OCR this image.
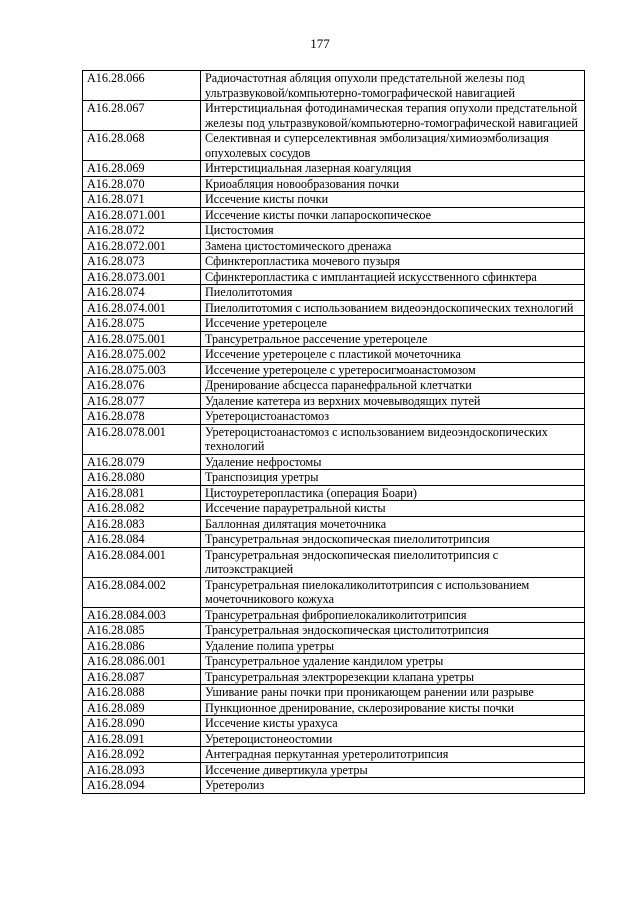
177
A16.28.066	Радиочастотная абляция опухоли предстательной железы под ультразвуковой/компьютерно-томографической навигацией
A16.28.067	Интерстициальная фотодинамическая терапия опухоли предстательной железы под ультразвуковой/компьютерно-томографической навигацией
A16.28.068	Селективная и суперселективная эмболизация/химиоэмболизация опухолевых сосудов
A16.28.069	Интерстициальная лазерная коагуляция
A16.28.070	Криоабляция новообразования почки
A16.28.071	Иссечение кисты почки
A16.28.071.001	Иссечение кисты почки лапароскопическое
A16.28.072	Цистостомия
A16.28.072.001	Замена цистостомического дренажа
A16.28.073	Сфинктеропластика мочевого пузыря
A16.28.073.001	Сфинктеропластика с имплантацией искусственного сфинктера
A16.28.074	Пиелолитотомия
A16.28.074.001	Пиелолитотомия с использованием видеоэндоскопических технологий
A16.28.075	Иссечение уретероцеле
A16.28.075.001	Трансуретральное рассечение уретероцеле
A16.28.075.002	Иссечение уретероцеле с пластикой мочеточника
A16.28.075.003	Иссечение уретероцеле с уретеросигмоанастомозом
A16.28.076	Дренирование абсцесса паранефральной клетчатки
A16.28.077	Удаление катетера из верхних мочевыводящих путей
A16.28.078	Уретероцистоанастомоз
A16.28.078.001	Уретероцистоанастомоз с использованием видеоэндоскопических технологий
A16.28.079	Удаление нефростомы
A16.28.080	Транспозиция уретры
A16.28.081	Цистоуретеропластика (операция Боари)
A16.28.082	Иссечение парауретральной кисты
A16.28.083	Баллонная дилятация мочеточника
A16.28.084	Трансуретральная эндоскопическая пиелолитотрипсия
A16.28.084.001	Трансуретральная эндоскопическая пиелолитотрипсия с литоэкстракцией
A16.28.084.002	Трансуретральная пиелокаликолитотрипсия с использованием мочеточникового кожуха
A16.28.084.003	Трансуретральная фибропиелокаликолитотрипсия
A16.28.085	Трансуретральная эндоскопическая цистолитотрипсия
A16.28.086	Удаление полипа уретры
A16.28.086.001	Трансуретральное удаление кандилом уретры
A16.28.087	Трансуретральная электрорезекции клапана уретры
A16.28.088	Ушивание раны почки при проникающем ранении или разрыве
A16.28.089	Пункционное дренирование, склерозирование кисты почки
A16.28.090	Иссечение кисты урахуса
A16.28.091	Уретероцистонеостомии
A16.28.092	Антеградная перкутанная уретеролитотрипсия
A16.28.093	Иссечение дивертикула уретры
A16.28.094	Уретеролиз
